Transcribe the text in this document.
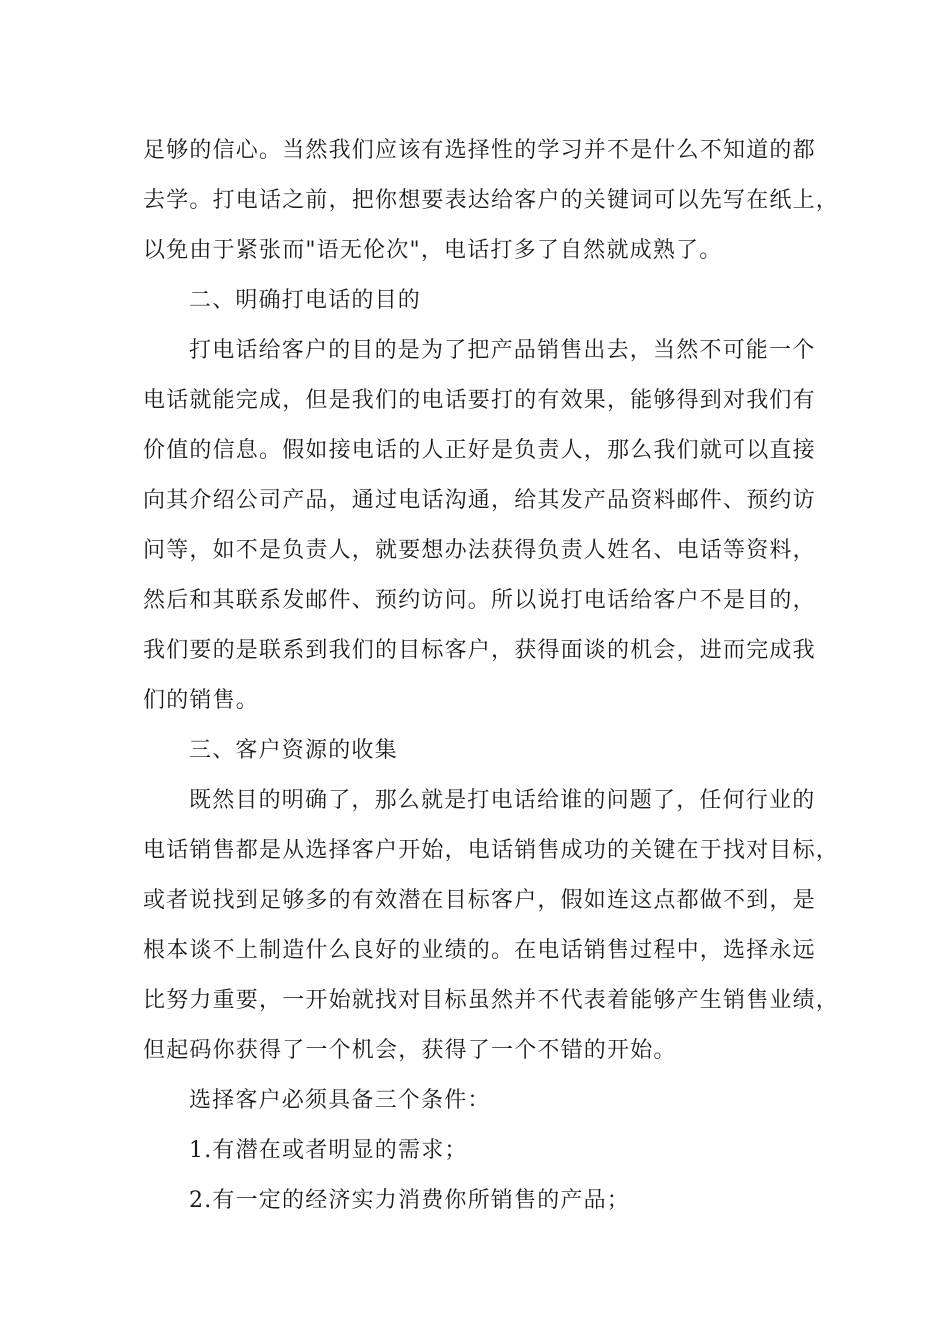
足够的信心。当然我们应该有选择性的学习并不是什么不知道的都
去学。打电话之前，把你想要表达给客户的关键词可以先写在纸上，
以免由于紧张而"语无伦次"，电话打多了自然就成熟了。
二、明确打电话的目的
打电话给客户的目的是为了把产品销售出去，当然不可能一个
电话就能完成，但是我们的电话要打的有效果，能够得到对我们有
价值的信息。假如接电话的人正好是负责人，那么我们就可以直接
向其介绍公司产品，通过电话沟通，给其发产品资料邮件、预约访
问等，如不是负责人，就要想办法获得负责人姓名、电话等资料，
然后和其联系发邮件、预约访问。所以说打电话给客户不是目的，
我们要的是联系到我们的目标客户，获得面谈的机会，进而完成我
们的销售。
三、客户资源的收集
既然目的明确了，那么就是打电话给谁的问题了，任何行业的
电话销售都是从选择客户开始，电话销售成功的关键在于找对目标，
或者说找到足够多的有效潜在目标客户，假如连这点都做不到，是
根本谈不上制造什么良好的业绩的。在电话销售过程中，选择永远
比努力重要，一开始就找对目标虽然并不代表着能够产生销售业绩，
但起码你获得了一个机会，获得了一个不错的开始。
选择客户必须具备三个条件：
1.有潜在或者明显的需求；
2.有一定的经济实力消费你所销售的产品；
